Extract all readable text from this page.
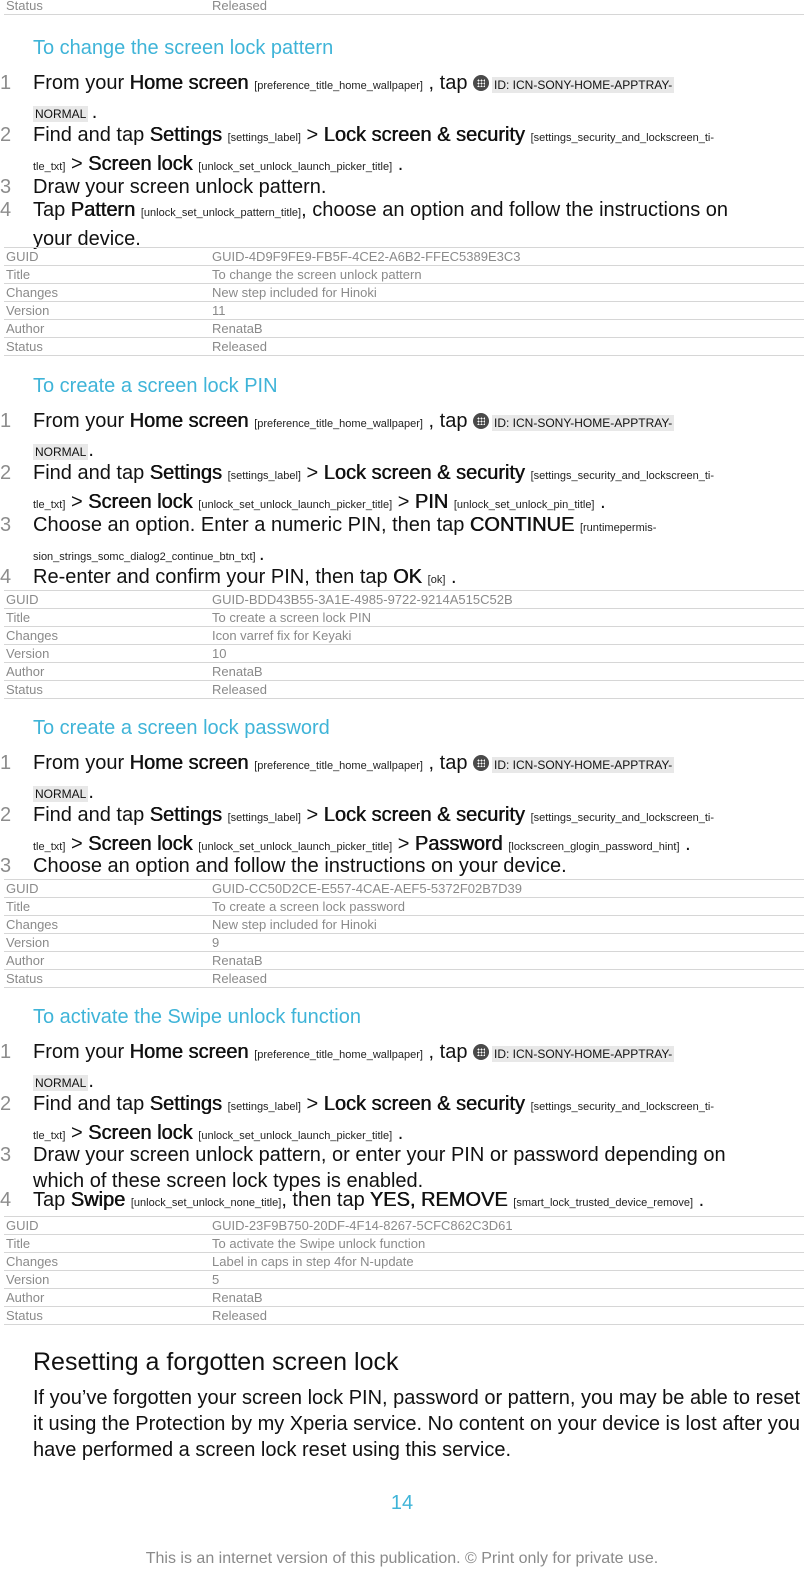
Status	Released
To change the screen lock pattern
1 From your Home screen [preference_title_home_wallpaper] , tap ID: ICN-SONY-HOME-APPTRAY-
NORMAL .
2 Find and tap Settings [settings_label] > Lock screen & security [settings_security_and_lockscreen_ti-
tle_txt] > Screen lock [unlock_set_unlock_launch_picker_title] .
3 Draw your screen unlock pattern.
4 Tap Pattern [unlock_set_unlock_pattern_title], choose an option and follow the instructions on your device.
GUID	GUID-4D9F9FE9-FB5F-4CE2-A6B2-FFEC5389E3C3
Title	To change the screen unlock pattern
Changes	New step included for Hinoki
Version	11
Author	RenataB
Status	Released
To create a screen lock PIN
1 From your Home screen [preference_title_home_wallpaper] , tap ID: ICN-SONY-HOME-APPTRAY-
NORMAL .
2 Find and tap Settings [settings_label] > Lock screen & security [settings_security_and_lockscreen_ti-
tle_txt] > Screen lock [unlock_set_unlock_launch_picker_title] > PIN [unlock_set_unlock_pin_title] .
3 Choose an option. Enter a numeric PIN, then tap CONTINUE [runtimepermis-
sion_strings_somc_dialog2_continue_btn_txt] .
4 Re-enter and confirm your PIN, then tap OK [ok] .
GUID	GUID-BDD43B55-3A1E-4985-9722-9214A515C52B
Title	To create a screen lock PIN
Changes	Icon varref fix for Keyaki
Version	10
Author	RenataB
Status	Released
To create a screen lock password
1 From your Home screen [preference_title_home_wallpaper] , tap ID: ICN-SONY-HOME-APPTRAY-
NORMAL .
2 Find and tap Settings [settings_label] > Lock screen & security [settings_security_and_lockscreen_ti-
tle_txt] > Screen lock [unlock_set_unlock_launch_picker_title] > Password [lockscreen_glogin_password_hint] .
3 Choose an option and follow the instructions on your device.
GUID	GUID-CC50D2CE-E557-4CAE-AEF5-5372F02B7D39
Title	To create a screen lock password
Changes	New step included for Hinoki
Version	9
Author	RenataB
Status	Released
To activate the Swipe unlock function
1 From your Home screen [preference_title_home_wallpaper] , tap ID: ICN-SONY-HOME-APPTRAY-
NORMAL .
2 Find and tap Settings [settings_label] > Lock screen & security [settings_security_and_lockscreen_ti-
tle_txt] > Screen lock [unlock_set_unlock_launch_picker_title] .
3 Draw your screen unlock pattern, or enter your PIN or password depending on which of these screen lock types is enabled.
4 Tap Swipe [unlock_set_unlock_none_title], then tap YES, REMOVE [smart_lock_trusted_device_remove] .
GUID	GUID-23F9B750-20DF-4F14-8267-5CFC862C3D61
Title	To activate the Swipe unlock function
Changes	Label in caps in step 4for N-update
Version	5
Author	RenataB
Status	Released
Resetting a forgotten screen lock
If you’ve forgotten your screen lock PIN, password or pattern, you may be able to reset it using the Protection by my Xperia service. No content on your device is lost after you have performed a screen lock reset using this service.
14
This is an internet version of this publication. © Print only for private use.
